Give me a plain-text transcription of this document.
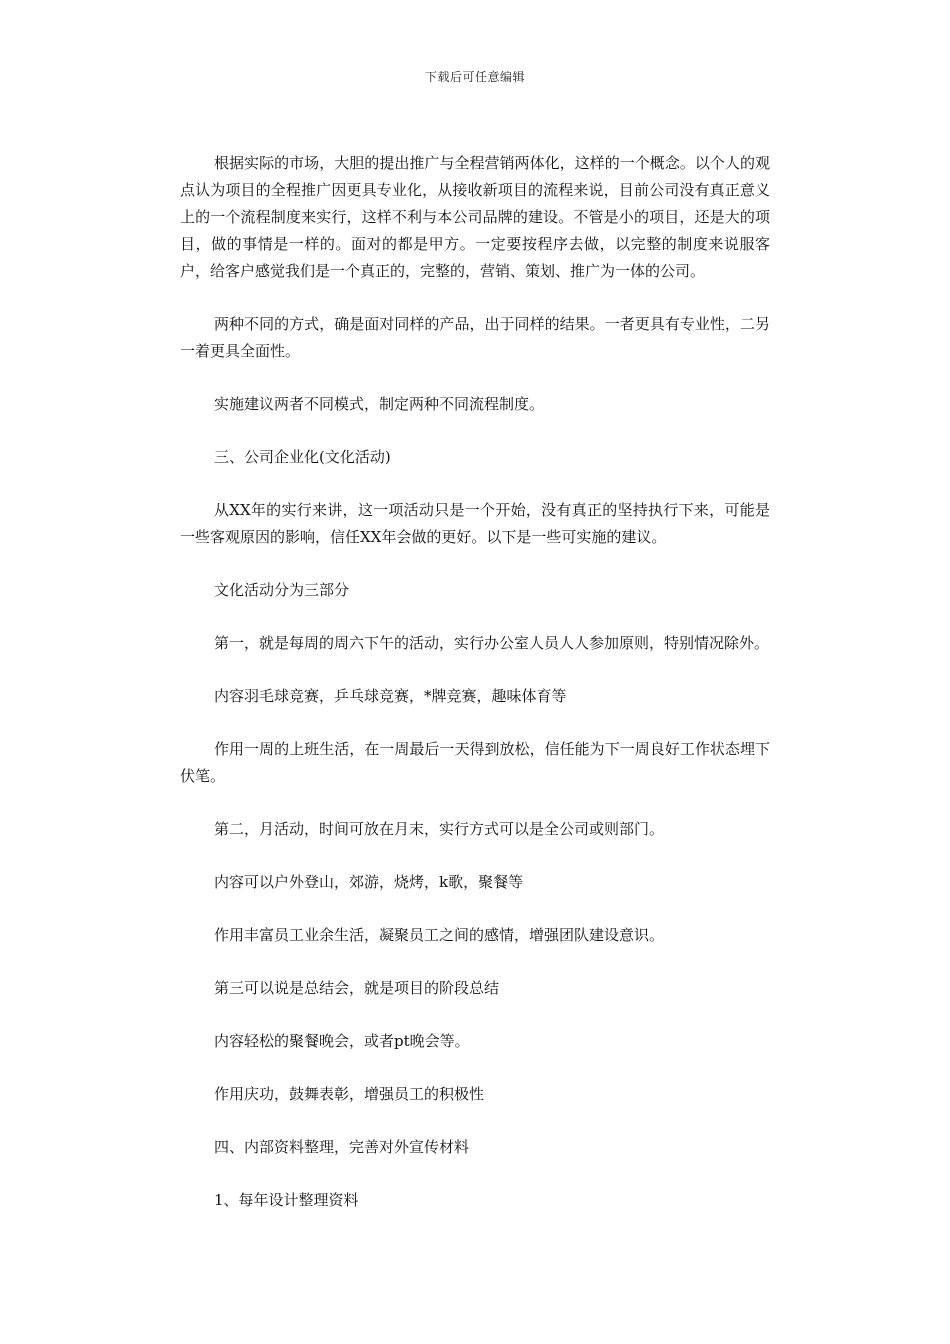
下载后可任意编辑

根据实际的市场，大胆的提出推广与全程营销两体化，这样的一个概念。以个人的观点认为项目的全程推广因更具专业化，从接收新项目的流程来说，目前公司没有真正意义上的一个流程制度来实行，这样不利与本公司品牌的建设。不管是小的项目，还是大的项目，做的事情是一样的。面对的都是甲方。一定要按程序去做，以完整的制度来说服客户，给客户感觉我们是一个真正的，完整的，营销、策划、推广为一体的公司。

两种不同的方式，确是面对同样的产品，出于同样的结果。一者更具有专业性，二另一着更具全面性。

实施建议两者不同模式，制定两种不同流程制度。

三、公司企业化(文化活动)

从XX年的实行来讲，这一项活动只是一个开始，没有真正的坚持执行下来，可能是一些客观原因的影响，信任XX年会做的更好。以下是一些可实施的建议。

文化活动分为三部分

第一，就是每周的周六下午的活动，实行办公室人员人人参加原则，特别情况除外。

内容羽毛球竞赛，乒乓球竞赛，*牌竞赛，趣味体育等

作用一周的上班生活，在一周最后一天得到放松，信任能为下一周良好工作状态埋下伏笔。

第二，月活动，时间可放在月末，实行方式可以是全公司或则部门。

内容可以户外登山，郊游，烧烤，k歌，聚餐等

作用丰富员工业余生活，凝聚员工之间的感情，增强团队建设意识。

第三可以说是总结会，就是项目的阶段总结

内容轻松的聚餐晚会，或者pt晚会等。

作用庆功，鼓舞表彰，增强员工的积极性

四、内部资料整理，完善对外宣传材料

1、每年设计整理资料
